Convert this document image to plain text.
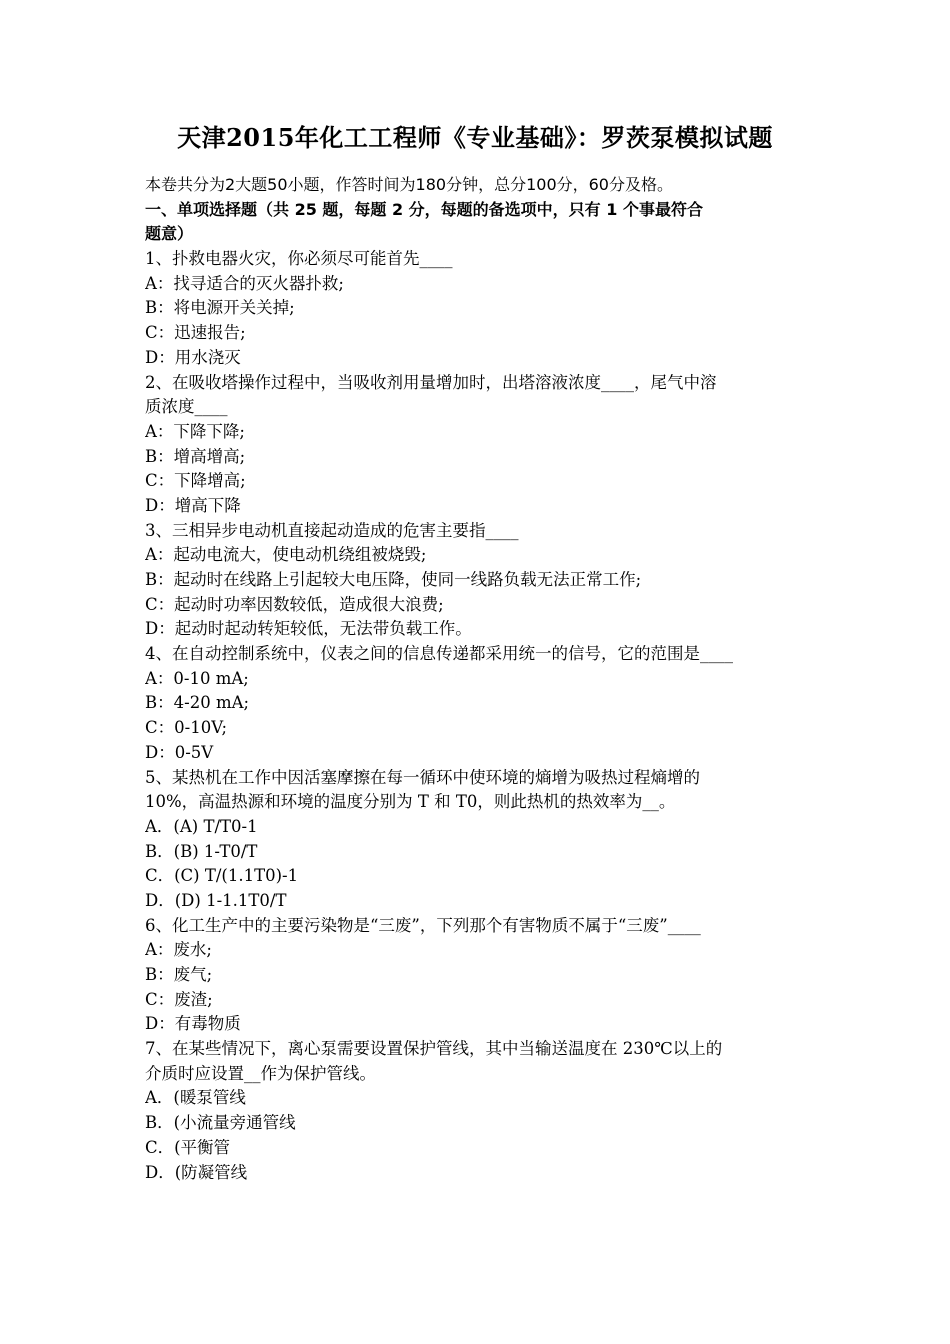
天津2015年化工工程师《专业基础》：罗茨泵模拟试题
本卷共分为2大题50小题，作答时间为180分钟，总分100分，60分及格。
一、单项选择题（共 25 题，每题 2 分，每题的备选项中，只有 1 个事最符合
题意）
1、扑救电器火灾，你必须尽可能首先____
A：找寻适合的灭火器扑救;
B：将电源开关关掉;
C：迅速报告;
D：用水浇灭
2、在吸收塔操作过程中，当吸收剂用量增加时，出塔溶液浓度____，尾气中溶
质浓度____
A：下降下降;
B：增高增高;
C：下降增高;
D：增高下降
3、三相异步电动机直接起动造成的危害主要指____
A：起动电流大，使电动机绕组被烧毁;
B：起动时在线路上引起较大电压降，使同一线路负载无法正常工作;
C：起动时功率因数较低，造成很大浪费;
D：起动时起动转矩较低，无法带负载工作。
4、在自动控制系统中，仪表之间的信息传递都采用统一的信号，它的范围是____
A：0-10 mA;
B：4-20 mA;
C：0-10V;
D：0-5V
5、某热机在工作中因活塞摩擦在每一循环中使环境的熵增为吸热过程熵增的
10%，高温热源和环境的温度分别为 T 和 T0，则此热机的热效率为__。
A．(A) T/T0-1
B．(B) 1-T0/T
C．(C) T/(1.1T0)-1
D．(D) 1-1.1T0/T
6、化工生产中的主要污染物是“三废”，下列那个有害物质不属于“三废”____
A：废水;
B：废气;
C：废渣;
D：有毒物质
7、在某些情况下，离心泵需要设置保护管线，其中当输送温度在 230℃以上的
介质时应设置__作为保护管线。
A．(暖泵管线
B．(小流量旁通管线
C．(平衡管
D．(防凝管线
